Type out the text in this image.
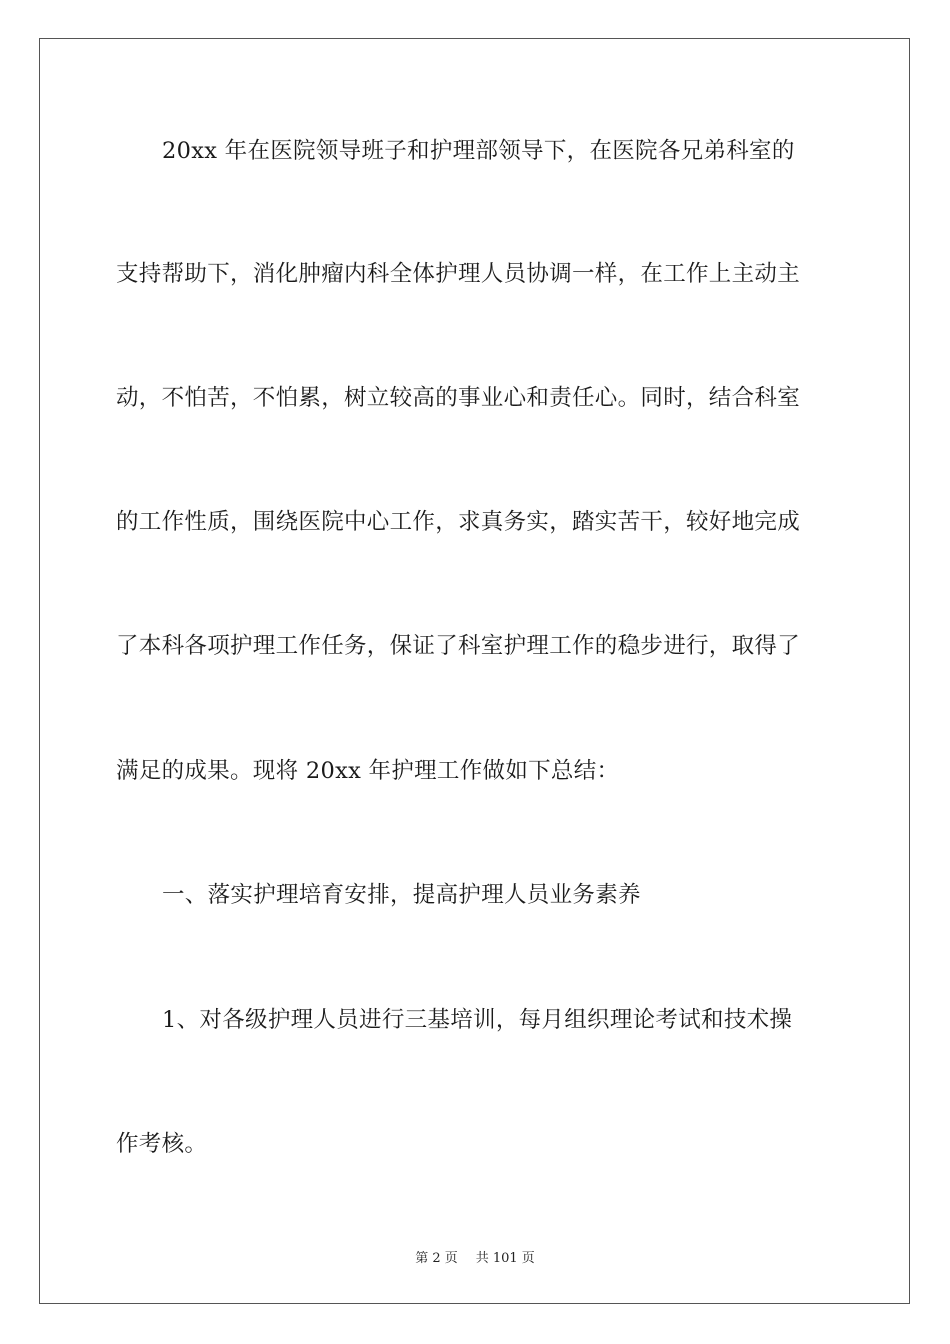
20xx 年在医院领导班子和护理部领导下，在医院各兄弟科室的
支持帮助下，消化肿瘤内科全体护理人员协调一样，在工作上主动主
动，不怕苦，不怕累，树立较高的事业心和责任心。同时，结合科室
的工作性质，围绕医院中心工作，求真务实，踏实苦干，较好地完成
了本科各项护理工作任务，保证了科室护理工作的稳步进行，取得了
满足的成果。现将 20xx 年护理工作做如下总结：
一、落实护理培育安排，提高护理人员业务素养
1、对各级护理人员进行三基培训，每月组织理论考试和技术操
作考核。
第 2 页 共 101 页
